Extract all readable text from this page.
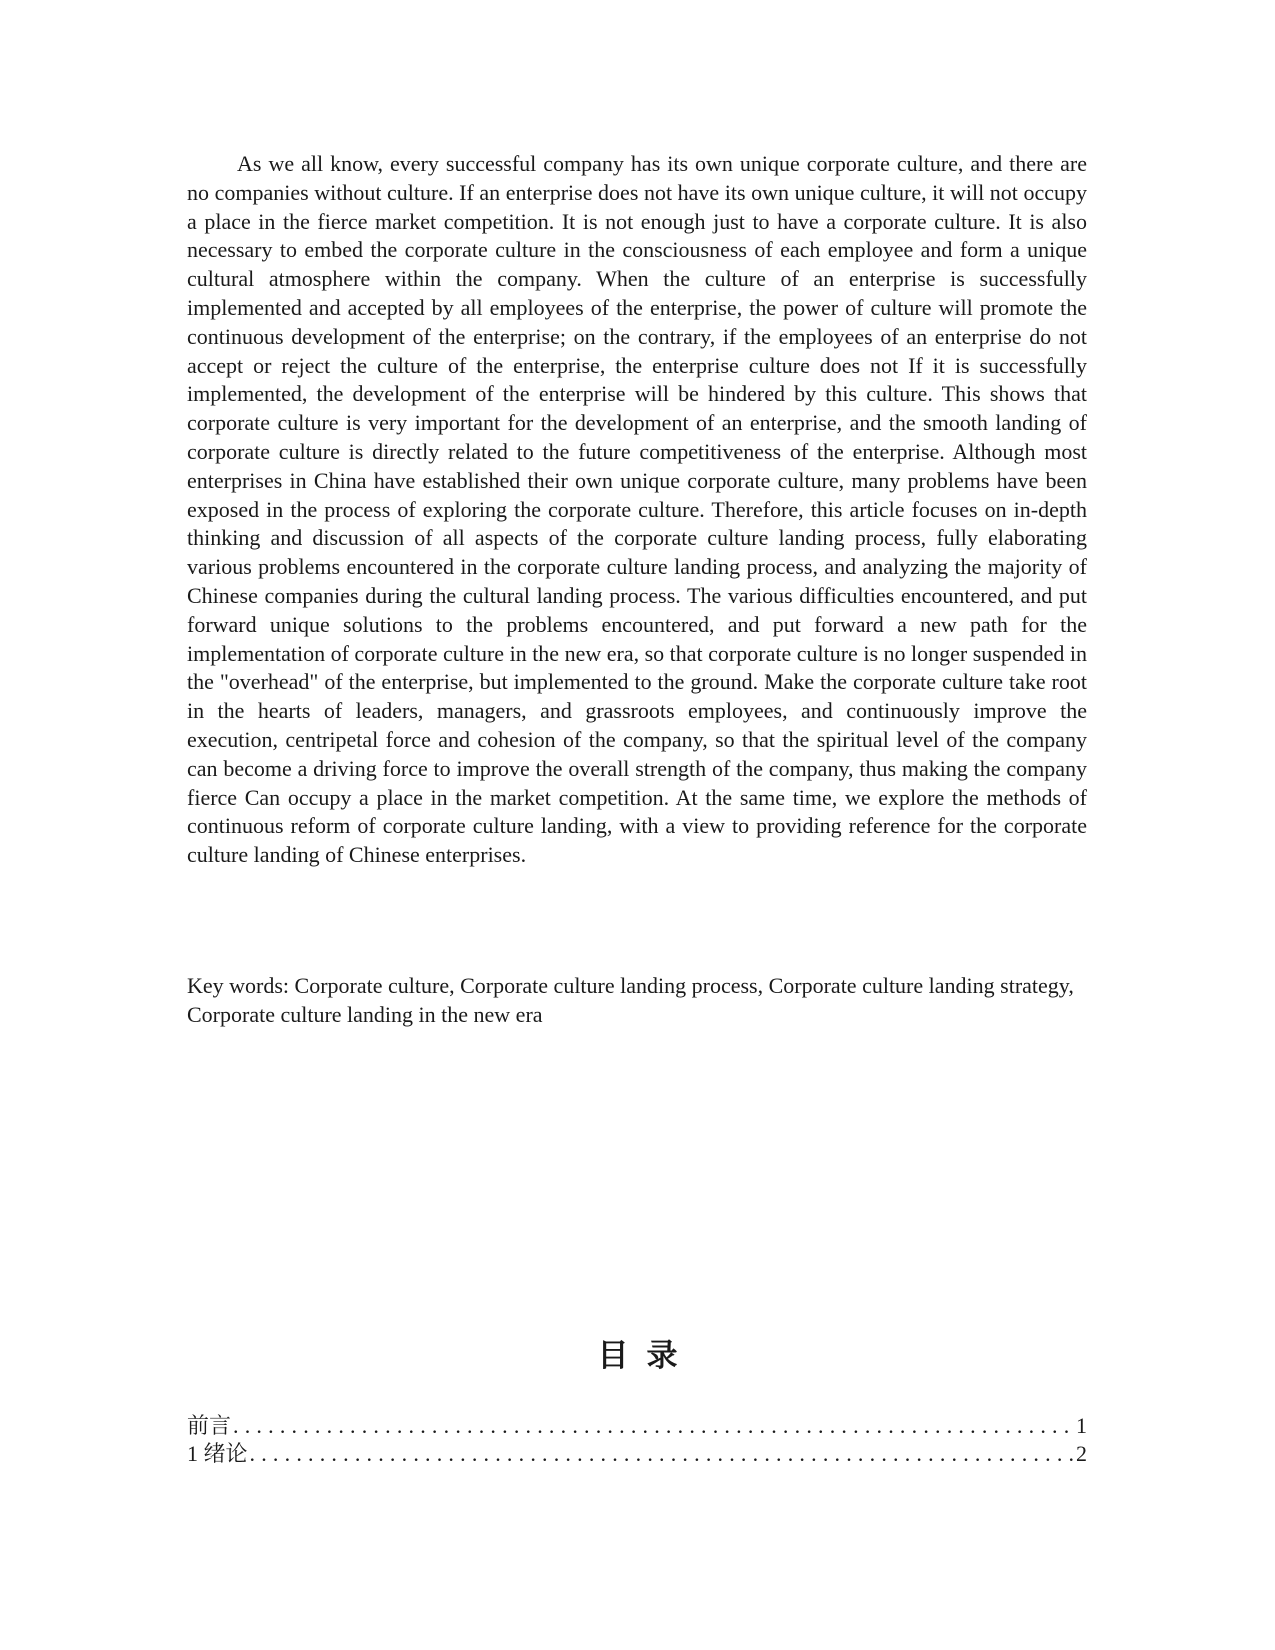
As we all know, every successful company has its own unique corporate culture, and there are no companies without culture. If an enterprise does not have its own unique culture, it will not occupy a place in the fierce market competition. It is not enough just to have a corporate culture. It is also necessary to embed the corporate culture in the consciousness of each employee and form a unique cultural atmosphere within the company. When the culture of an enterprise is successfully implemented and accepted by all employees of the enterprise, the power of culture will promote the continuous development of the enterprise; on the contrary, if the employees of an enterprise do not accept or reject the culture of the enterprise, the enterprise culture does not If it is successfully implemented, the development of the enterprise will be hindered by this culture. This shows that corporate culture is very important for the development of an enterprise, and the smooth landing of corporate culture is directly related to the future competitiveness of the enterprise. Although most enterprises in China have established their own unique corporate culture, many problems have been exposed in the process of exploring the corporate culture. Therefore, this article focuses on in-depth thinking and discussion of all aspects of the corporate culture landing process, fully elaborating various problems encountered in the corporate culture landing process, and analyzing the majority of Chinese companies during the cultural landing process. The various difficulties encountered, and put forward unique solutions to the problems encountered, and put forward a new path for the implementation of corporate culture in the new era, so that corporate culture is no longer suspended in the "overhead" of the enterprise, but implemented to the ground. Make the corporate culture take root in the hearts of leaders, managers, and grassroots employees, and continuously improve the execution, centripetal force and cohesion of the company, so that the spiritual level of the company can become a driving force to improve the overall strength of the company, thus making the company fierce Can occupy a place in the market competition. At the same time, we explore the methods of continuous reform of corporate culture landing, with a view to providing reference for the corporate culture landing of Chinese enterprises.

Key words: Corporate culture, Corporate culture landing process, Corporate culture landing strategy, Corporate culture landing in the new era

目录
前言 .....	1
1 绪论 .....	2
